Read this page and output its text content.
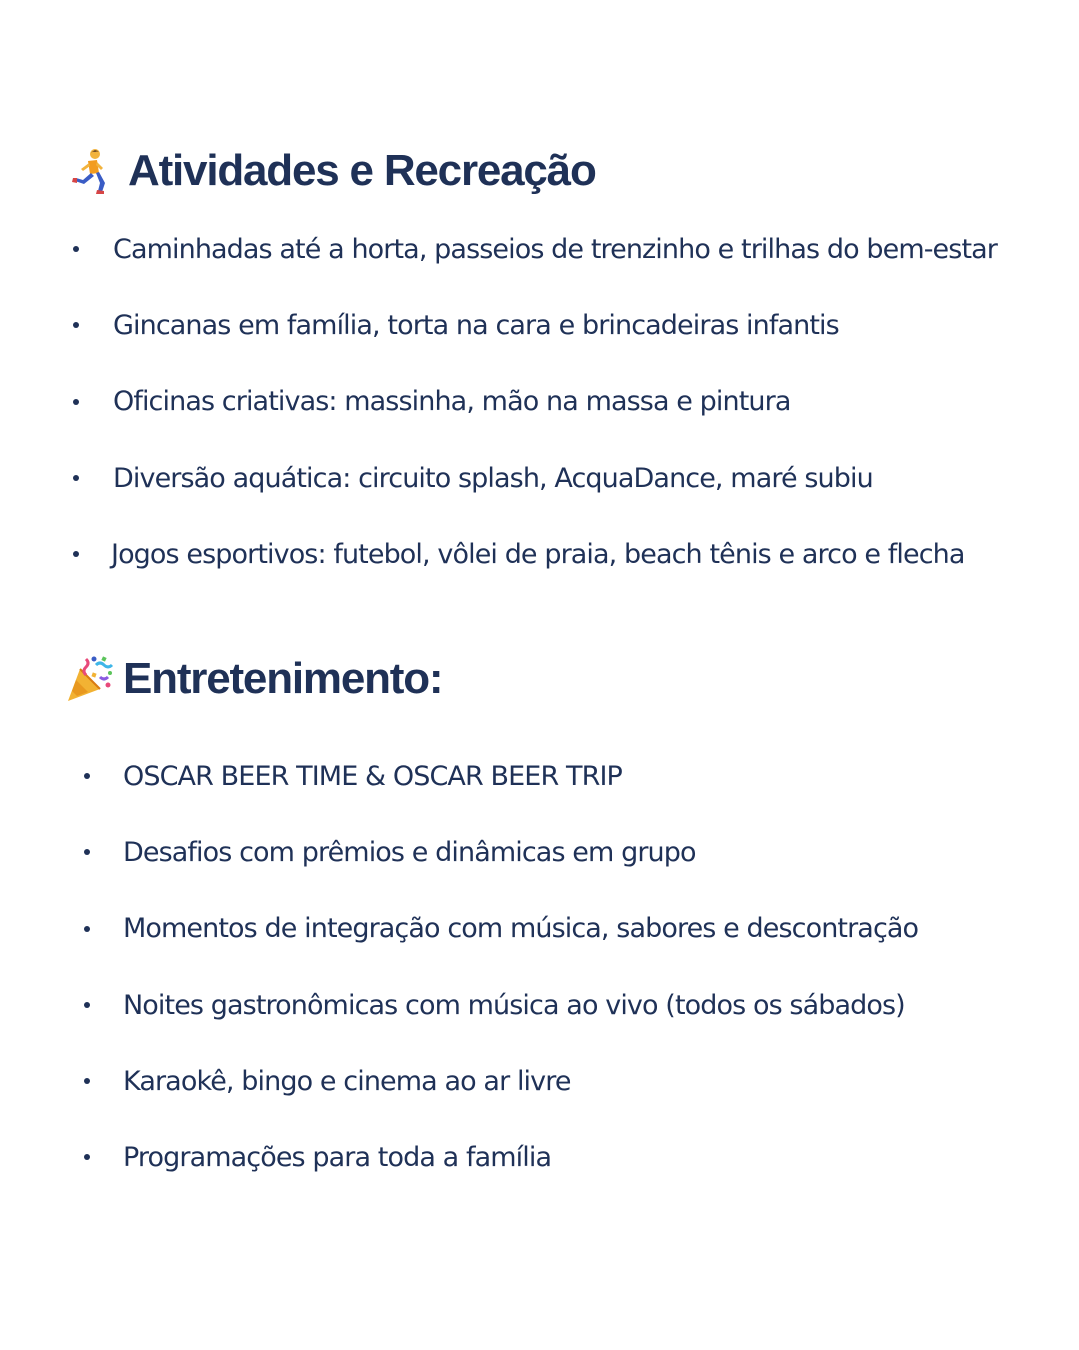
Atividades e Recreação
Caminhadas até a horta, passeios de trenzinho e trilhas do bem-estar
Gincanas em família, torta na cara e brincadeiras infantis
Oficinas criativas: massinha, mão na massa e pintura
Diversão aquática: circuito splash, AcquaDance, maré subiu
Jogos esportivos: futebol, vôlei de praia, beach tênis e arco e flecha
Entretenimento:
OSCAR BEER TIME & OSCAR BEER TRIP
Desafios com prêmios e dinâmicas em grupo
Momentos de integração com música, sabores e descontração
Noites gastronômicas com música ao vivo (todos os sábados)
Karaokê, bingo e cinema ao ar livre
Programações para toda a família
